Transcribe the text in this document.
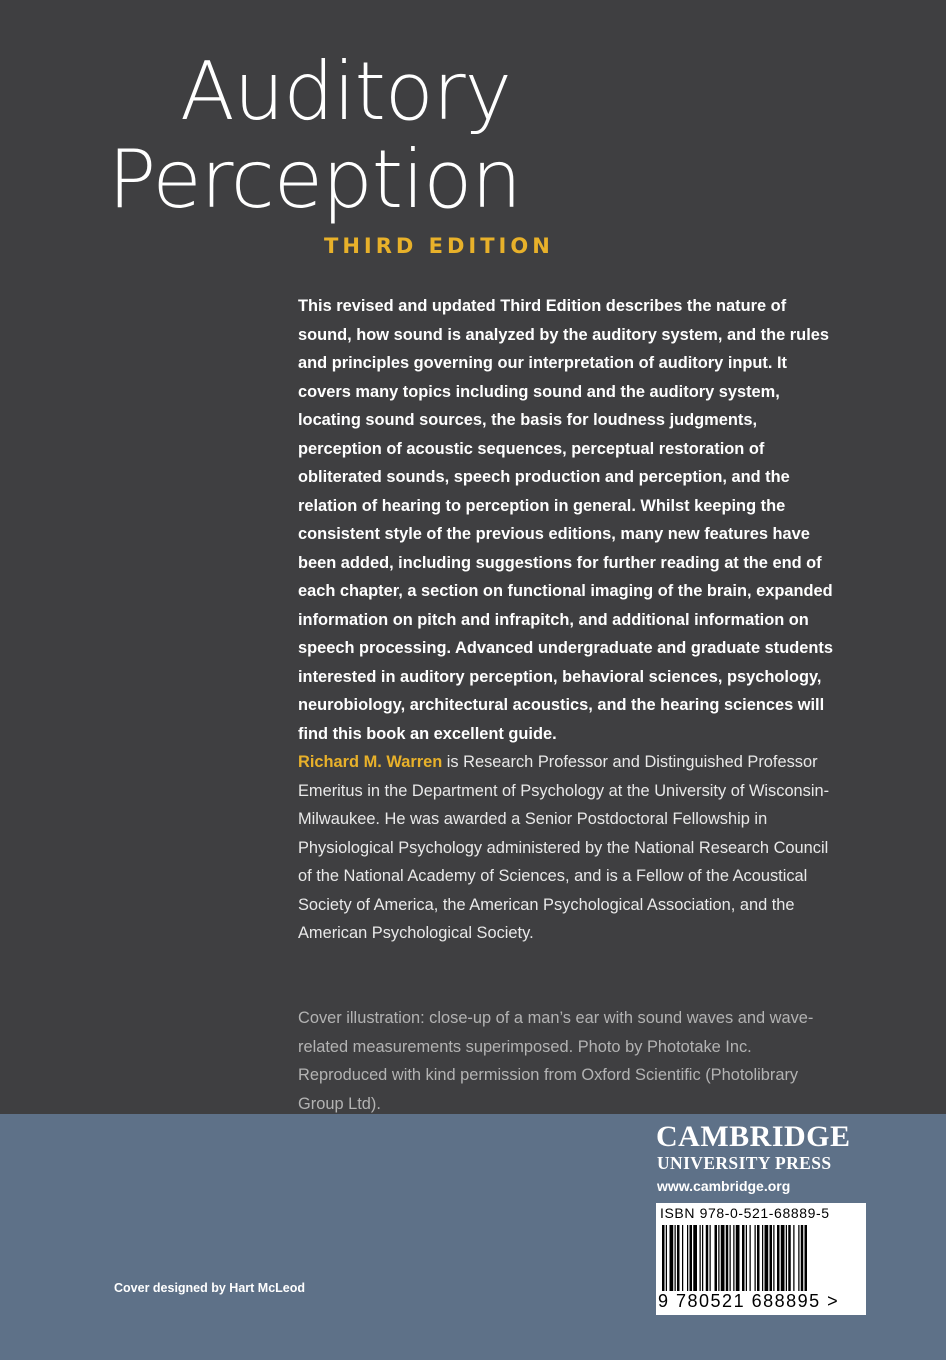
Auditory
Perception
THIRD EDITION

This revised and updated Third Edition describes the nature of sound, how sound is analyzed by the auditory system, and the rules and principles governing our interpretation of auditory input. It covers many topics including sound and the auditory system, locating sound sources, the basis for loudness judgments, perception of acoustic sequences, perceptual restoration of obliterated sounds, speech production and perception, and the relation of hearing to perception in general. Whilst keeping the consistent style of the previous editions, many new features have been added, including suggestions for further reading at the end of each chapter, a section on functional imaging of the brain, expanded information on pitch and infrapitch, and additional information on speech processing. Advanced undergraduate and graduate students interested in auditory perception, behavioral sciences, psychology, neurobiology, architectural acoustics, and the hearing sciences will find this book an excellent guide.

Richard M. Warren is Research Professor and Distinguished Professor Emeritus in the Department of Psychology at the University of Wisconsin-Milwaukee. He was awarded a Senior Postdoctoral Fellowship in Physiological Psychology administered by the National Research Council of the National Academy of Sciences, and is a Fellow of the Acoustical Society of America, the American Psychological Association, and the American Psychological Society.

Cover illustration: close-up of a man’s ear with sound waves and wave-related measurements superimposed. Photo by Phototake Inc. Reproduced with kind permission from Oxford Scientific (Photolibrary Group Ltd).

Cover designed by Hart McLeod
CAMBRIDGE
UNIVERSITY PRESS
www.cambridge.org
ISBN 978-0-521-68889-5
9 780521 688895 >
